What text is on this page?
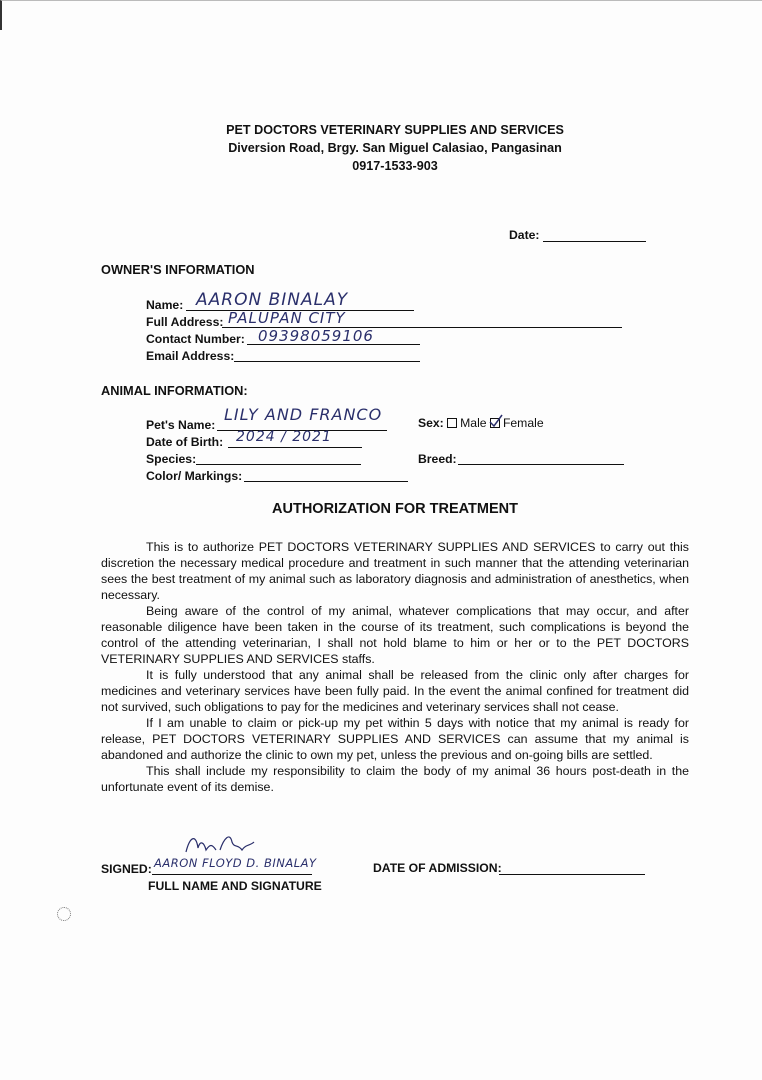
PET DOCTORS VETERINARY SUPPLIES AND SERVICES
Diversion Road, Brgy. San Miguel Calasiao, Pangasinan
0917-1533-903
Date:
OWNER'S INFORMATION
Name: AARON BINALAY
Full Address: PALUPAN CITY
Contact Number: 09398059106
Email Address:
ANIMAL INFORMATION:
Pet's Name:
LILY AND FRANCO
Date of Birth: 2024 / 2021
Species:
Color/ Markings:
Sex: Male Female
Breed:
AUTHORIZATION FOR TREATMENT

This is to authorize PET DOCTORS VETERINARY SUPPLIES AND SERVICES to carry out this discretion the necessary medical procedure and treatment in such manner that the attending veterinarian sees the best treatment of my animal such as laboratory diagnosis and administration of anesthetics, when necessary.

Being aware of the control of my animal, whatever complications that may occur, and after reasonable diligence have been taken in the course of its treatment, such complications is beyond the control of the attending veterinarian, I shall not hold blame to him or her or to the PET DOCTORS VETERINARY SUPPLIES AND SERVICES staffs.

It is fully understood that any animal shall be released from the clinic only after charges for medicines and veterinary services have been fully paid. In the event the animal confined for treatment did not survived, such obligations to pay for the medicines and veterinary services shall not cease.

If I am unable to claim or pick-up my pet within 5 days with notice that my animal is ready for release, PET DOCTORS VETERINARY SUPPLIES AND SERVICES can assume that my animal is abandoned and authorize the clinic to own my pet, unless the previous and on-going bills are settled.

This shall include my responsibility to claim the body of my animal 36 hours post-death in the unfortunate event of its demise.

SIGNED: AARON FLOYD D. BINALAY
FULL NAME AND SIGNATURE
DATE OF ADMISSION:
